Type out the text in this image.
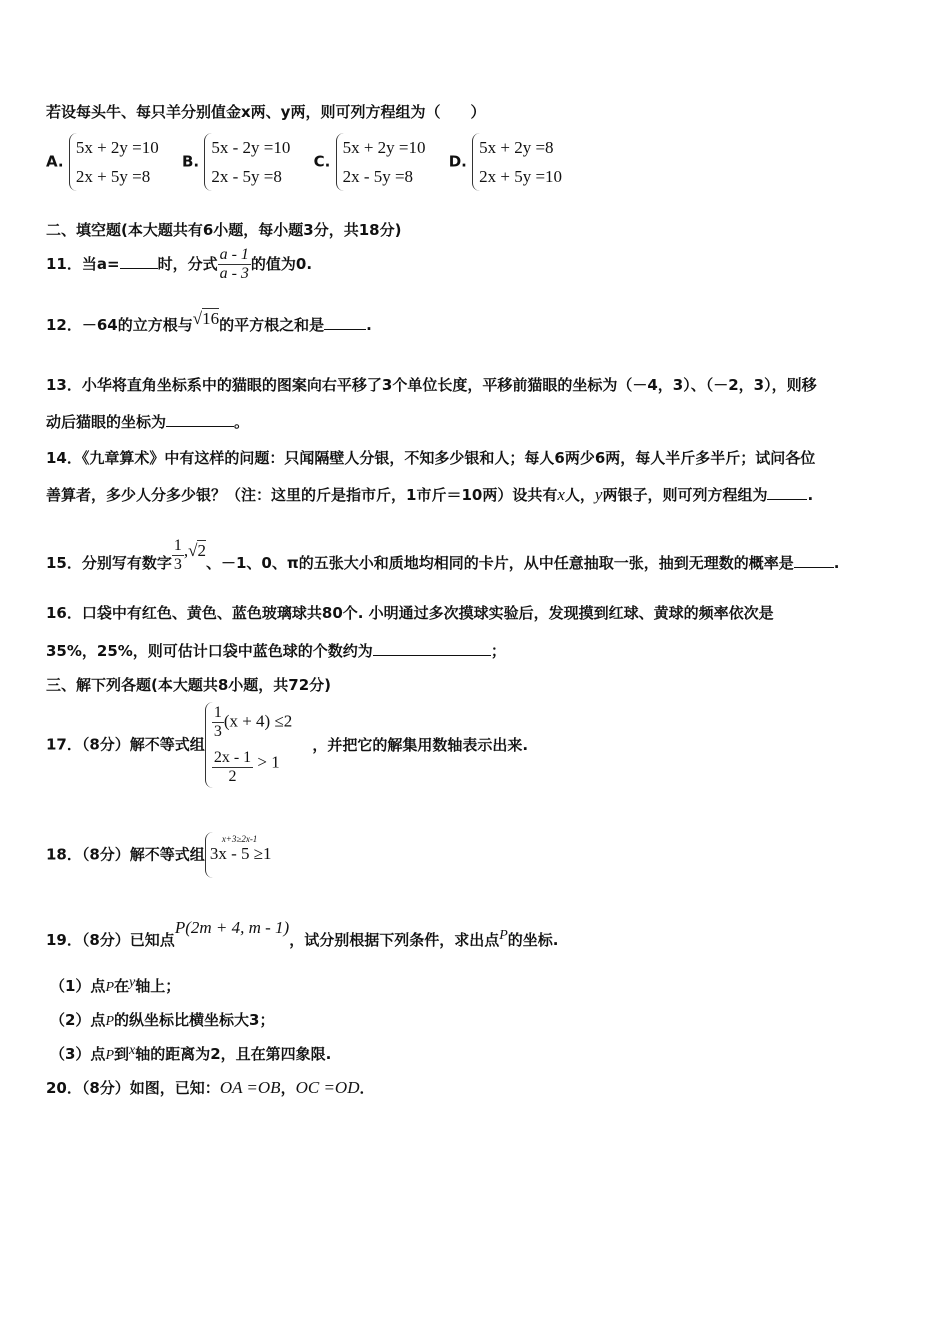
若设每头牛、每只羊分别值金x两、y两，则可列方程组为（　　）
A. 5x + 2y =10
2x + 5y =8 B. 5x - 2y =10
2x - 5y =8 C. 5x + 2y =10
2x - 5y =8 D. 5x + 2y =8
2x + 5y =10
二、填空题(本大题共有6小题，每小题3分，共18分)
11．当a=	时，分式 $\frac{a - 1}{a - 3}$ 的值为0.
12．－64的立方根与√16的平方根之和是	.
13．小华将直角坐标系中的猫眼的图案向右平移了3个单位长度，平移前猫眼的坐标为（－4，3）、（－2，3），则移
动后猫眼的坐标为	。
14．《九章算术》中有这样的问题：只闻隔壁人分银，不知多少银和人；每人6两少6两，每人半斤多半斤；试问各位
善算者，多少人分多少银？（注：这里的斤是指市斤，1市斤＝10两）设共有x人，y两银子，则可列方程组为	.
15．分别写有数字 $\frac{1}{3} ,√2$、－1、0、π的五张大小和质地均相同的卡片，从中任意抽取一张，抽到无理数的概率是	.
16．口袋中有红色、黄色、蓝色玻璃球共80个. 小明通过多次摸球实验后，发现摸到红球、黄球的频率依次是
35%，25%，则可估计口袋中蓝色球的个数约为	；
三、解下列各题(本大题共8小题，共72分)
17．（8分）解不等式组
$\frac{1}{3} (x + 4) \le 2$

$\frac{2x - 1}{2} > 1$，并把它的解集用数轴表示出来.
18．（8分）解不等式组
x+3≥2x-1
3x - 5 ≥1
19．（8分）已知点P(2m + 4, m - 1)，试分别根据下列条件，求出点P的坐标.
（1）点P在y轴上；
（2）点P的纵坐标比横坐标大3；
（3）点P到x轴的距离为2，且在第四象限.
20．（8分）如图，已知：OA =OB，OC =OD．
